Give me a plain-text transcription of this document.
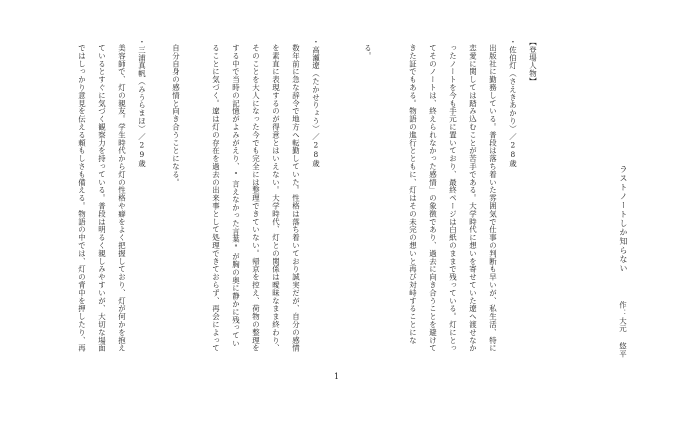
ラストノートしか知らない
作：大元 悠平
【登場人物】
・佐伯灯（さえきあかり）／28歳
出版社に勤務している。普段は落ち着いた雰囲気で仕事の判断も早いが、私生活、特に
恋愛に関しては踏み込むことが苦手である。大学時代に想いを寄せていた遼へ渡せなか
ったノートを今も手元に置いており、最終ページは白紙のままで残っている。灯にとっ
てそのノートは、終えられなかった感情」の象徴であり、過去に向き合うことを避けて
きた証でもある。物語の進行とともに、灯はその未完の想いと再び対峙することにな
る。
・高瀬遼（たかせりょう）／28歳
数年前に急な辞令で地方へ転勤していた。性格は落ち着いており誠実だが、自分の感情
を素直に表現するのが得意とはいえない。大学時代、灯との関係は曖昧なまま終わり、
そのことを大人になった今でも完全には整理できていない。帰京を控え、荷物の整理を
する中で当時の記憶がよみがえり、"言えなかった言葉"が胸の奥に静かに残ってい
ることに気づく。遼は灯の存在を過去の出来事として処理できておらず、再会によって
自分自身の感情と向き合うことになる。
・三浦真帆（みうらまほ）／29歳
美容師で、灯の親友。学生時代から灯の性格や癖をよく把握しており、灯が何かを抱え
ているとすぐに気づく観察力を持っている。普段は明るく親しみやすいが、大切な場面
ではしっかり意見を伝える頼もしさも備える。物語の中では、灯の背中を押したり、再
1
